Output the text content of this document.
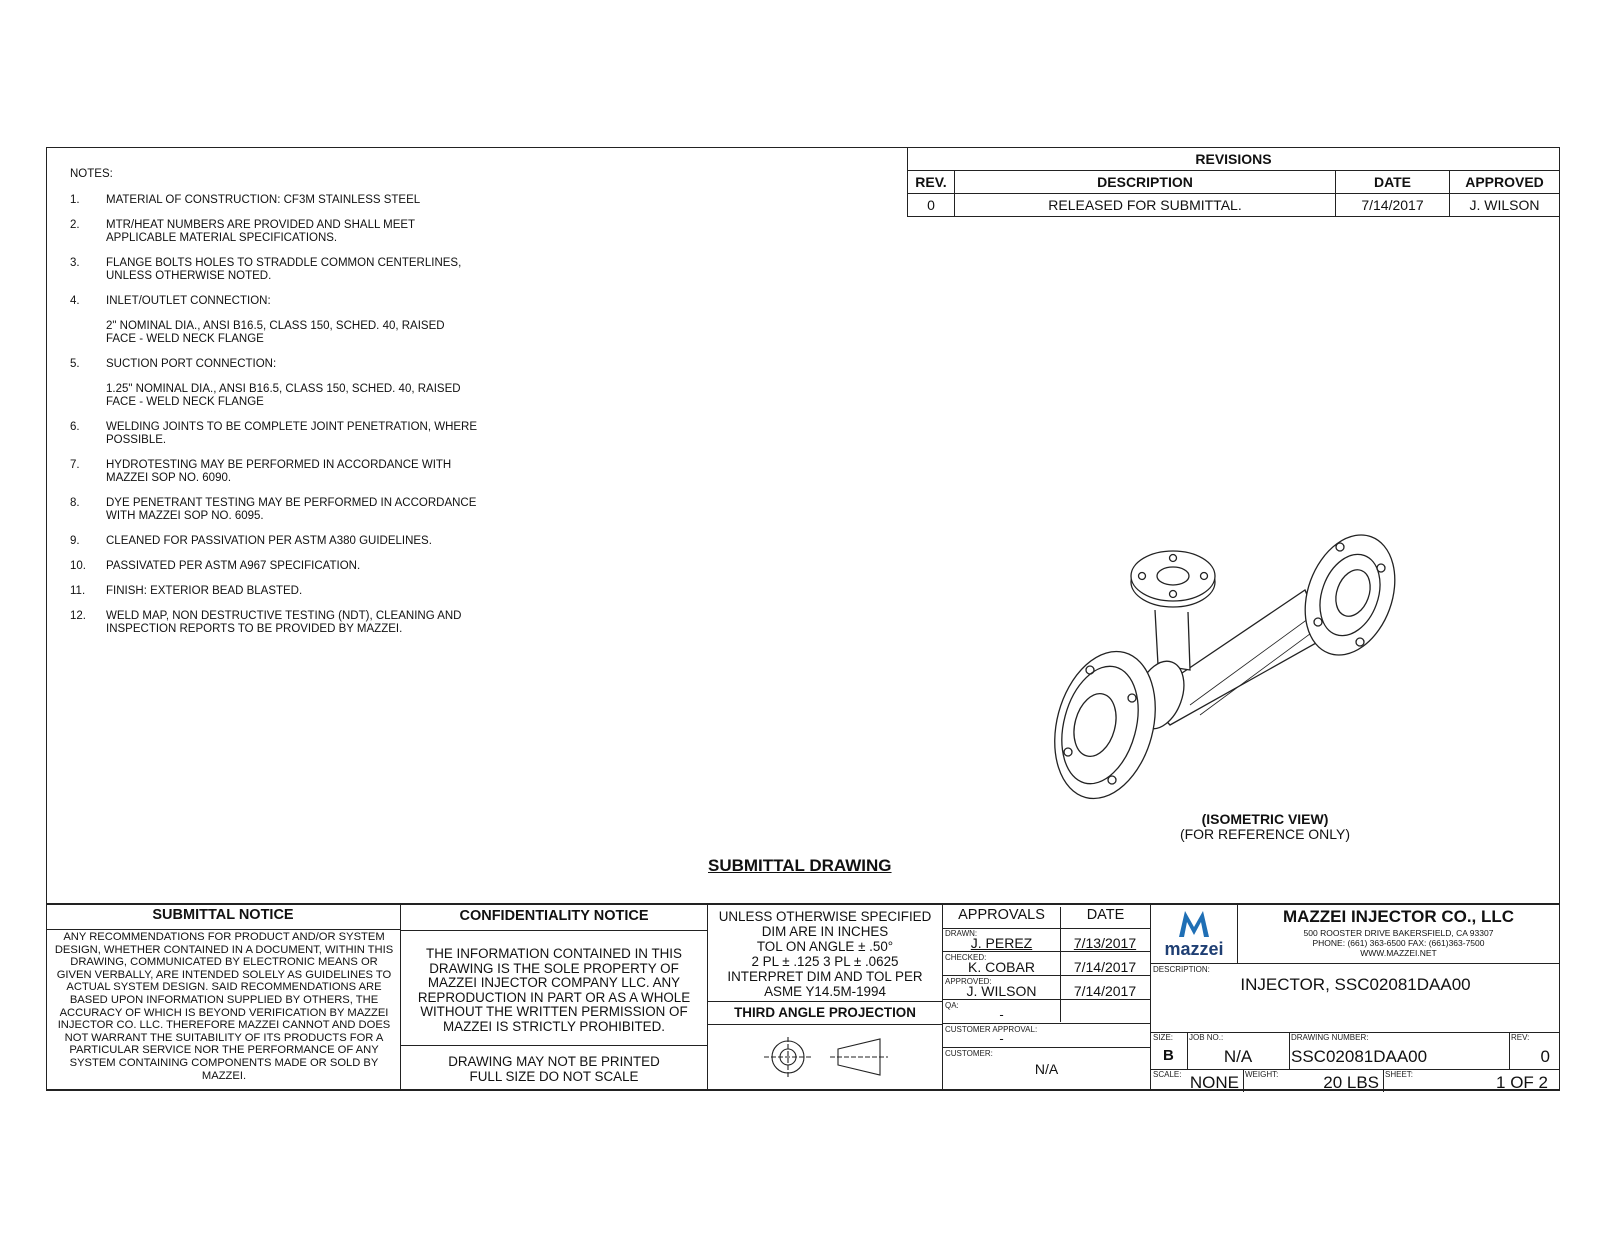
NOTES:
1.	MATERIAL OF CONSTRUCTION: CF3M STAINLESS STEEL
2.	MTR/HEAT NUMBERS ARE PROVIDED AND SHALL MEET
APPLICABLE MATERIAL SPECIFICATIONS.
3.	FLANGE BOLTS HOLES TO STRADDLE COMMON CENTERLINES,
UNLESS OTHERWISE NOTED.
4.	INLET/OUTLET CONNECTION:
2" NOMINAL DIA., ANSI B16.5, CLASS 150, SCHED. 40, RAISED
FACE - WELD NECK FLANGE
5.	SUCTION PORT CONNECTION:
1.25" NOMINAL DIA., ANSI B16.5, CLASS 150, SCHED. 40, RAISED
FACE - WELD NECK FLANGE
6.	WELDING JOINTS TO BE COMPLETE JOINT PENETRATION, WHERE
POSSIBLE.
7.	HYDROTESTING MAY BE PERFORMED IN ACCORDANCE WITH
MAZZEI SOP NO. 6090.
8.	DYE PENETRANT TESTING MAY BE PERFORMED IN ACCORDANCE
WITH MAZZEI SOP NO. 6095.
9.	CLEANED FOR PASSIVATION PER ASTM A380 GUIDELINES.
10.	PASSIVATED PER ASTM A967 SPECIFICATION.
11.	FINISH: EXTERIOR BEAD BLASTED.
12.	WELD MAP, NON DESTRUCTIVE TESTING (NDT), CLEANING AND
INSPECTION REPORTS TO BE PROVIDED BY MAZZEI.
REVISIONS			
REV.	DESCRIPTION	DATE	APPROVED
0	RELEASED FOR SUBMITTAL.	7/14/2017	J. WILSON
(ISOMETRIC VIEW)
(FOR REFERENCE ONLY)
SUBMITTAL DRAWING
SUBMITTAL NOTICE
ANY RECOMMENDATIONS FOR PRODUCT AND/OR SYSTEM DESIGN, WHETHER CONTAINED IN A DOCUMENT, WITHIN THIS DRAWING, COMMUNICATED BY ELECTRONIC MEANS OR GIVEN VERBALLY, ARE INTENDED SOLELY AS GUIDELINES TO ACTUAL SYSTEM DESIGN. SAID RECOMMENDATIONS ARE BASED UPON INFORMATION SUPPLIED BY OTHERS, THE ACCURACY OF WHICH IS BEYOND VERIFICATION BY MAZZEI INJECTOR CO. LLC. THEREFORE MAZZEI CANNOT AND DOES NOT WARRANT THE SUITABILITY OF ITS PRODUCTS FOR A PARTICULAR SERVICE NOR THE PERFORMANCE OF ANY SYSTEM CONTAINING COMPONENTS MADE OR SOLD BY MAZZEI.
CONFIDENTIALITY NOTICE
THE INFORMATION CONTAINED IN THIS DRAWING IS THE SOLE PROPERTY OF MAZZEI INJECTOR COMPANY LLC. ANY REPRODUCTION IN PART OR AS A WHOLE WITHOUT THE WRITTEN PERMISSION OF MAZZEI IS STRICTLY PROHIBITED.
DRAWING MAY NOT BE PRINTED
FULL SIZE DO NOT SCALE
UNLESS OTHERWISE SPECIFIED
DIM ARE IN INCHES
TOL ON ANGLE ± .50°
2 PL ± .125 3 PL ± .0625
INTERPRET DIM AND TOL PER
ASME Y14.5M-1994
THIRD ANGLE PROJECTION
APPROVALS	DATE
DRAWN:
J. PEREZ	7/13/2017
CHECKED:
K. COBAR	7/14/2017
APPROVED:
J. WILSON	7/14/2017
QA:
-
CUSTOMER APPROVAL:
-
CUSTOMER:
N/A
mazzei
MAZZEI INJECTOR CO., LLC
500 ROOSTER DRIVE BAKERSFIELD, CA 93307
PHONE: (661) 363-6500 FAX: (661)363-7500
WWW.MAZZEI.NET
DESCRIPTION:
INJECTOR, SSC02081DAA00
SIZE:
B
JOB NO.:
N/A
DRAWING NUMBER:
SSC02081DAA00
REV:
0
SCALE: NONE WEIGHT:	20 LBS SHEET:	1 OF 2
